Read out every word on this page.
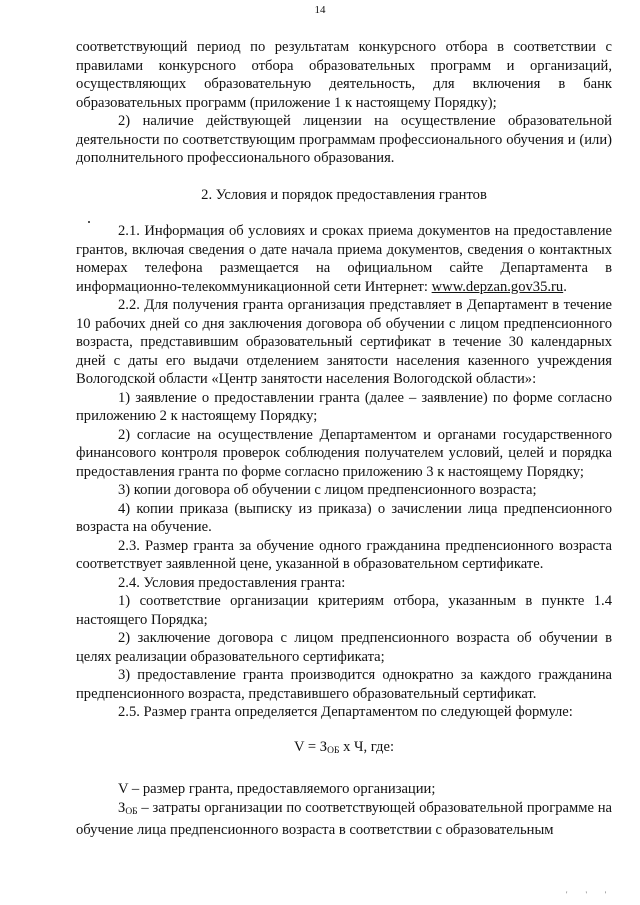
14

соответствующий период по результатам конкурсного отбора в соответствии с правилами конкурсного отбора образовательных программ и организаций, осуществляющих образовательную деятельность, для включения в банк образовательных программ (приложение 1 к настоящему Порядку);

2) наличие действующей лицензии на осуществление образовательной деятельности по соответствующим программам профессионального обучения и (или) дополнительного профессионального образования.

2. Условия и порядок предоставления грантов

2.1. Информация об условиях и сроках приема документов на предоставление грантов, включая сведения о дате начала приема документов, сведения о контактных номерах телефона размещается на официальном сайте Департамента в информационно-телекоммуникационной сети Интернет: www.depzan.gov35.ru.

2.2. Для получения гранта организация представляет в Департамент в течение 10 рабочих дней со дня заключения договора об обучении с лицом предпенсионного возраста, представившим образовательный сертификат в течение 30 календарных дней с даты его выдачи отделением занятости населения казенного учреждения Вологодской области «Центр занятости населения Вологодской области»:

1) заявление о предоставлении гранта (далее – заявление) по форме согласно приложению 2 к настоящему Порядку;

2) согласие на осуществление Департаментом и органами государственного финансового контроля проверок соблюдения получателем условий, целей и порядка предоставления гранта по форме согласно приложению 3 к настоящему Порядку;

3) копии договора об обучении с лицом предпенсионного возраста;

4) копии приказа (выписку из приказа) о зачислении лица предпенсионного возраста на обучение.

2.3. Размер гранта за обучение одного гражданина предпенсионного возраста соответствует заявленной цене, указанной в образовательном сертификате.

2.4. Условия предоставления гранта:

1) соответствие организации критериям отбора, указанным в пункте 1.4 настоящего Порядка;

2) заключение договора с лицом предпенсионного возраста об обучении в целях реализации образовательного сертификата;

3) предоставление гранта производится однократно за каждого гражданина предпенсионного возраста, представившего образовательный сертификат.

2.5. Размер гранта определяется Департаментом по следующей формуле:

$V = З_{ОБ}$ х Ч, где:

V – размер гранта, предоставляемого организации;

$З_{ОБ}$ – затраты организации по соответствующей образовательной программе на обучение лица предпенсионного возраста в соответствии с образовательным

' ' '
